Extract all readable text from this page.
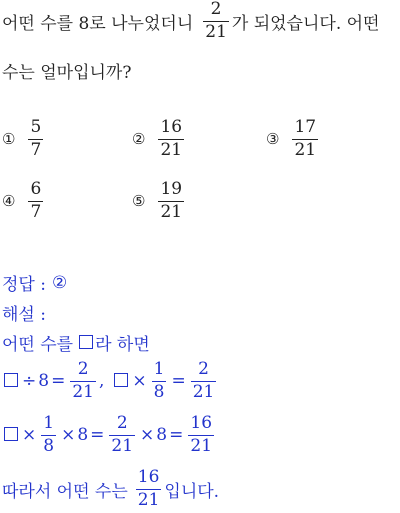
어떤 수를 8로 나누었더니 $\frac{2}{21}$ 가 되었습니다. 어떤
수는 얼마입니까?
① $\frac{5}{7}$	② $\frac{16}{21}$	③ $\frac{17}{21}$
④ $\frac{6}{7}$	⑤ $\frac{19}{21}$
정답 : ②
해설 :
어떤 수를 라 하면
÷ $8 = \frac{2}{21}$ , × $\frac{1}{8} = \frac{2}{21}$
× $\frac{1}{8} \times 8 = \frac{2}{21} \times 8 = \frac{16}{21}$
따라서 어떤 수는 $\frac{16}{21}$ 입니다.
